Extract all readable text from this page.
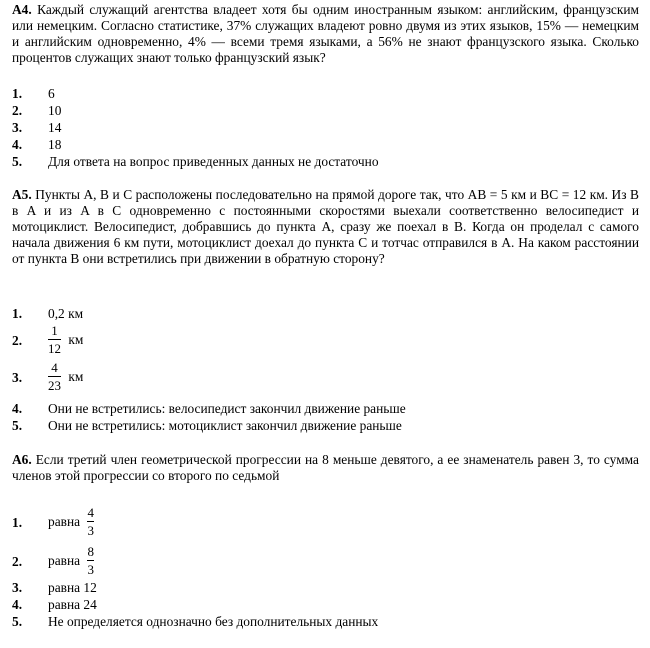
А4. Каждый служащий агентства владеет хотя бы одним иностранным языком: английским, французским или немецким. Согласно статистике, 37% служащих владеют ровно двумя из этих языков, 15% — немецким и английским одновременно, 4% — всеми тремя языками, а 56% не знают французского языка. Сколько процентов служащих знают только французский язык?
1.	6
2.	10
3.	14
4.	18
5.	Для ответа на вопрос приведенных данных не достаточно
А5. Пункты A, B и C расположены последовательно на прямой дороге так, что AB = 5 км и BC = 12 км. Из B в A и из A в C одновременно с постоянными скоростями выехали соответственно велосипедист и мотоциклист. Велосипедист, добравшись до пункта A, сразу же поехал в B. Когда он проделал с самого начала движения 6 км пути, мотоциклист доехал до пункта C и тотчас отправился в A. На каком расстоянии от пункта B они встретились при движении в обратную сторону?
1.	0,2 км
2.	$\frac{1}{12}$ км
3.	$\frac{4}{23}$ км
4.	Они не встретились: велосипедист закончил движение раньше
5.	Они не встретились: мотоциклист закончил движение раньше
А6. Если третий член геометрической прогрессии на 8 меньше девятого, а ее знаменатель равен 3, то сумма членов этой прогрессии со второго по седьмой
1.	равна $\frac{4}{3}$
2.	равна $\frac{8}{3}$
3.	равна 12
4.	равна 24
5.	Не определяется однозначно без дополнительных данных
